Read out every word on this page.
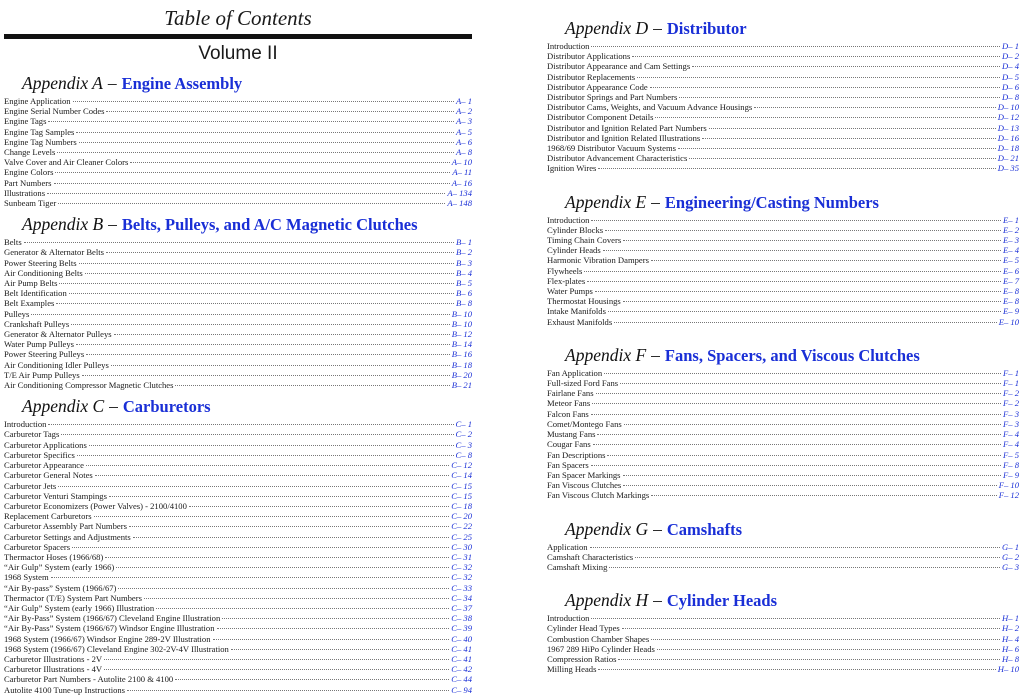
Table of Contents
Volume II
Appendix A – Engine Assembly
Engine Application	A– 1
Engine Serial Number Codes	A– 2
Engine Tags	A– 3
Engine Tag Samples	A– 5
Engine Tag Numbers	A– 6
Change Levels	A– 8
Valve Cover and Air Cleaner Colors	A– 10
Engine Colors	A– 11
Part Numbers	A– 16
Illustrations	A– 134
Sunbeam Tiger	A– 148
Appendix B – Belts, Pulleys, and A/C Magnetic Clutches
Belts	B– 1
Generator & Alternator Belts	B– 2
Power Steering Belts	B– 3
Air Conditioning Belts	B– 4
Air Pump Belts	B– 5
Belt Identification	B– 6
Belt Examples	B– 8
Pulleys	B– 10
Crankshaft Pulleys	B– 10
Generator & Alternator Pulleys	B– 12
Water Pump Pulleys	B– 14
Power Steering Pulleys	B– 16
Air Conditioning Idler Pulleys	B– 18
T/E Air Pump Pulleys	B– 20
Air Conditioning Compressor Magnetic Clutches	B– 21
Appendix C – Carburetors
Introduction	C– 1
Carburetor Tags	C– 2
Carburetor Applications	C– 3
Carburetor Specifics	C– 8
Carburetor Appearance	C– 12
Carburetor General Notes	C– 14
Carburetor Jets	C– 15
Carburetor Venturi Stampings	C– 15
Carburetor Economizers (Power Valves) - 2100/4100	C– 18
Replacement Carburetors	C– 20
Carburetor Assembly Part Numbers	C– 22
Carburetor Settings and Adjustments	C– 25
Carburetor Spacers	C– 30
Thermactor Hoses (1966/68)	C– 31
“Air Gulp” System (early 1966)	C– 32
1968 System	C– 32
“Air By-pass” System (1966/67)	C– 33
Thermactor (T/E) System Part Numbers	C– 34
“Air Gulp” System (early 1966) Illustration	C– 37
“Air By-Pass” System (1966/67) Cleveland Engine Illustration	C– 38
“Air By-Pass” System (1966/67) Windsor Engine Illustration	C– 39
1968 System (1966/67) Windsor Engine 289-2V Illustration	C– 40
1968 System (1966/67) Cleveland Engine 302-2V-4V Illustration	C– 41
Carburetor Illustrations - 2V	C– 41
Carburetor Illustrations - 4V	C– 42
Carburetor Part Numbers - Autolite 2100 & 4100	C– 44
Autolite 4100 Tune-up Instructions	C– 94
Appendix D – Distributor
Introduction	D– 1
Distributor Applications	D– 2
Distributor Appearance and Cam Settings	D– 4
Distributor Replacements	D– 5
Distributor Appearance Code	D– 6
Distributor Springs and Part Numbers	D– 8
Distributor Cams, Weights, and Vacuum Advance Housings	D– 10
Distributor Component Details	D– 12
Distributor and Ignition Related Part Numbers	D– 13
Distributor and Ignition Related Illustrations	D– 16
1968/69 Distributor Vacuum Systems	D– 18
Distributor Advancement Characteristics	D– 21
Ignition Wires	D– 35
Appendix E – Engineering/Casting Numbers
Introduction	E– 1
Cylinder Blocks	E– 2
Timing Chain Covers	E– 3
Cylinder Heads	E– 4
Harmonic Vibration Dampers	E– 5
Flywheels	E– 6
Flex-plates	E– 7
Water Pumps	E– 8
Thermostat Housings	E– 8
Intake Manifolds	E– 9
Exhaust Manifolds	E– 10
Appendix F – Fans, Spacers, and Viscous Clutches
Fan Application	F– 1
Full-sized Ford Fans	F– 1
Fairlane Fans	F– 2
Meteor Fans	F– 2
Falcon Fans	F– 3
Comet/Montego Fans	F– 3
Mustang Fans	F– 4
Cougar Fans	F– 4
Fan Descriptions	F– 5
Fan Spacers	F– 8
Fan Spacer Markings	F– 9
Fan Viscous Clutches	F– 10
Fan Viscous Clutch Markings	F– 12
Appendix G – Camshafts
Application	G– 1
Camshaft Characteristics	G– 2
Camshaft Mixing	G– 3
Appendix H – Cylinder Heads
Introduction	H– 1
Cylinder Head Types	H– 2
Combustion Chamber Shapes	H– 4
1967 289 HiPo Cylinder Heads	H– 6
Compression Ratios	H– 8
Milling Heads	H– 10
